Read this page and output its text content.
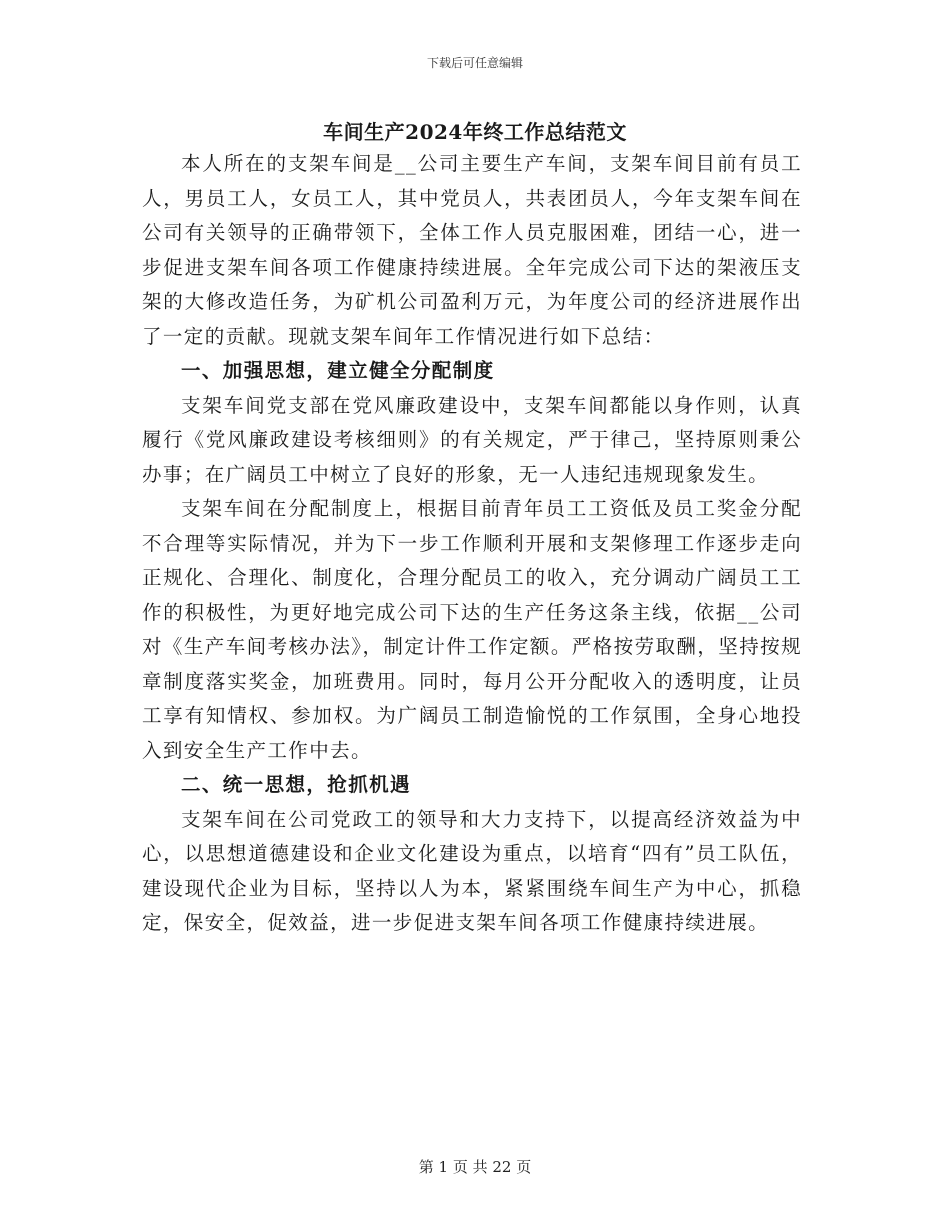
下载后可任意编辑
车间生产2024年终工作总结范文

本人所在的支架车间是__公司主要生产车间，支架车间目前有员工人，男员工人，女员工人，其中党员人，共表团员人，今年支架车间在公司有关领导的正确带领下，全体工作人员克服困难，团结一心，进一步促进支架车间各项工作健康持续进展。全年完成公司下达的架液压支架的大修改造任务，为矿机公司盈利万元，为年度公司的经济进展作出了一定的贡献。现就支架车间年工作情况进行如下总结：

一、加强思想，建立健全分配制度

支架车间党支部在党风廉政建设中，支架车间都能以身作则，认真履行《党风廉政建设考核细则》的有关规定，严于律己，坚持原则秉公办事；在广阔员工中树立了良好的形象，无一人违纪违规现象发生。

支架车间在分配制度上，根据目前青年员工工资低及员工奖金分配不合理等实际情况，并为下一步工作顺利开展和支架修理工作逐步走向正规化、合理化、制度化，合理分配员工的收入，充分调动广阔员工工作的积极性，为更好地完成公司下达的生产任务这条主线，依据__公司对《生产车间考核办法》，制定计件工作定额。严格按劳取酬，坚持按规章制度落实奖金，加班费用。同时，每月公开分配收入的透明度，让员工享有知情权、参加权。为广阔员工制造愉悦的工作氛围，全身心地投入到安全生产工作中去。

二、统一思想，抢抓机遇

支架车间在公司党政工的领导和大力支持下，以提高经济效益为中心，以思想道德建设和企业文化建设为重点，以培育“四有”员工队伍，建设现代企业为目标，坚持以人为本，紧紧围绕车间生产为中心，抓稳定，保安全，促效益，进一步促进支架车间各项工作健康持续进展。

第 1 页 共 22 页
